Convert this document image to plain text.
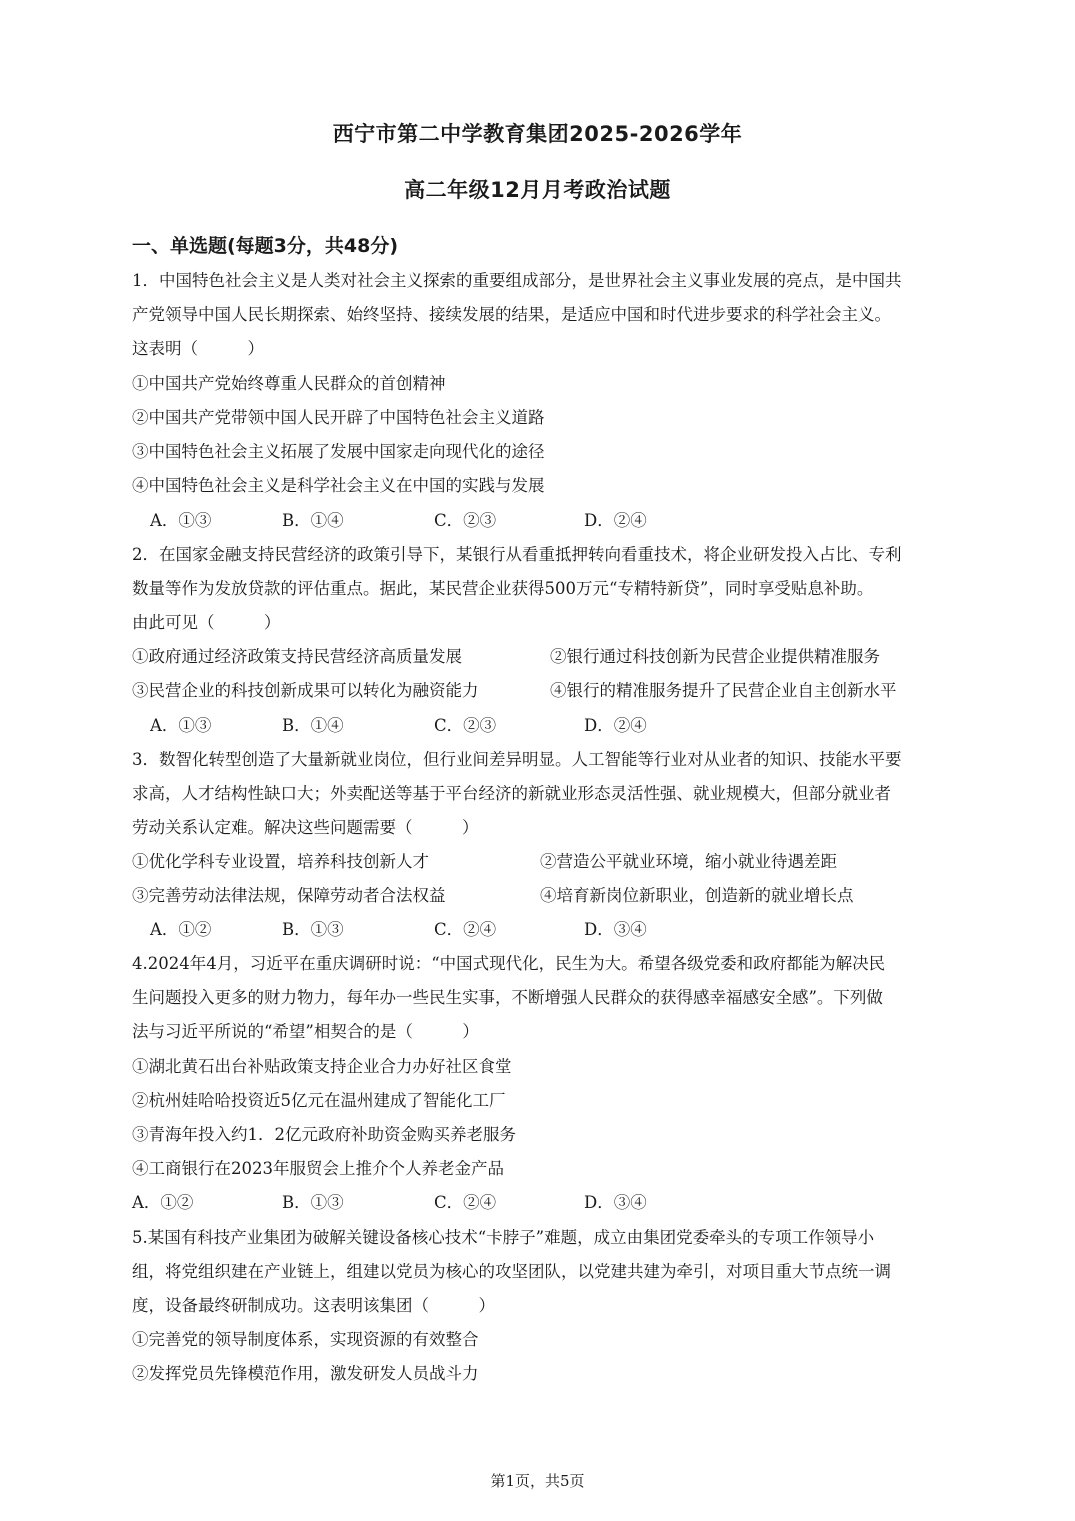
西宁市第二中学教育集团2025-2026学年
高二年级12月月考政治试题
一、单选题(每题3分，共48分)
1．中国特色社会主义是人类对社会主义探索的重要组成部分，是世界社会主义事业发展的亮点，是中国共
产党领导中国人民长期探索、始终坚持、接续发展的结果，是适应中国和时代进步要求的科学社会主义。
这表明（　　　）
①中国共产党始终尊重人民群众的首创精神
②中国共产党带领中国人民开辟了中国特色社会主义道路
③中国特色社会主义拓展了发展中国家走向现代化的途径
④中国特色社会主义是科学社会主义在中国的实践与发展
A．①③	B．①④	C．②③	D．②④
2．在国家金融支持民营经济的政策引导下，某银行从看重抵押转向看重技术，将企业研发投入占比、专利
数量等作为发放贷款的评估重点。据此，某民营企业获得500万元“专精特新贷”，同时享受贴息补助。
由此可见（　　　）
①政府通过经济政策支持民营经济高质量发展	②银行通过科技创新为民营企业提供精准服务
③民营企业的科技创新成果可以转化为融资能力	④银行的精准服务提升了民营企业自主创新水平
A．①③	B．①④	C．②③	D．②④
3．数智化转型创造了大量新就业岗位，但行业间差异明显。人工智能等行业对从业者的知识、技能水平要
求高，人才结构性缺口大；外卖配送等基于平台经济的新就业形态灵活性强、就业规模大，但部分就业者
劳动关系认定难。解决这些问题需要（　　　）
①优化学科专业设置，培养科技创新人才	②营造公平就业环境，缩小就业待遇差距
③完善劳动法律法规，保障劳动者合法权益	④培育新岗位新职业，创造新的就业增长点
A．①②	B．①③	C．②④	D．③④
4.2024年4月，习近平在重庆调研时说：“中国式现代化，民生为大。希望各级党委和政府都能为解决民
生问题投入更多的财力物力，每年办一些民生实事，不断增强人民群众的获得感幸福感安全感”。下列做
法与习近平所说的“希望”相契合的是（　　　）
①湖北黄石出台补贴政策支持企业合力办好社区食堂
②杭州娃哈哈投资近5亿元在温州建成了智能化工厂
③青海年投入约1．2亿元政府补助资金购买养老服务
④工商银行在2023年服贸会上推介个人养老金产品
A．①②	B．①③	C．②④	D．③④
5.某国有科技产业集团为破解关键设备核心技术“卡脖子”难题，成立由集团党委牵头的专项工作领导小
组，将党组织建在产业链上，组建以党员为核心的攻坚团队，以党建共建为牵引，对项目重大节点统一调
度，设备最终研制成功。这表明该集团（　　　）
①完善党的领导制度体系，实现资源的有效整合
②发挥党员先锋模范作用，激发研发人员战斗力
第1页，共5页
